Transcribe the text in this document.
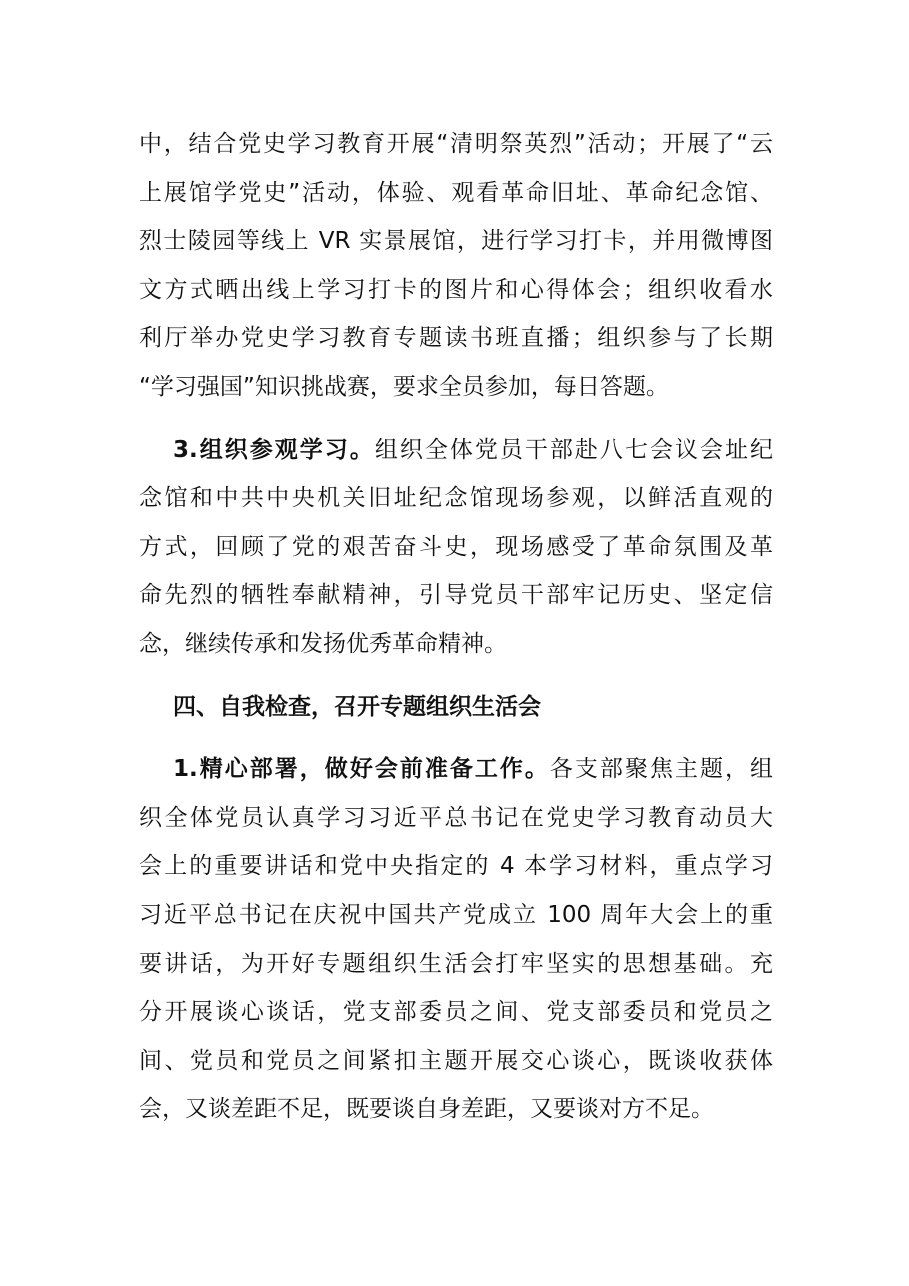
中，结合党史学习教育开展“清明祭英烈”活动；开展了“云
上展馆学党史”活动，体验、观看革命旧址、革命纪念馆、
烈士陵园等线上 VR 实景展馆，进行学习打卡，并用微博图
文方式晒出线上学习打卡的图片和心得体会；组织收看水
利厅举办党史学习教育专题读书班直播；组织参与了长期
“学习强国”知识挑战赛，要求全员参加，每日答题。
3.组织参观学习。组织全体党员干部赴八七会议会址纪
念馆和中共中央机关旧址纪念馆现场参观，以鲜活直观的
方式，回顾了党的艰苦奋斗史，现场感受了革命氛围及革
命先烈的牺牲奉献精神，引导党员干部牢记历史、坚定信
念，继续传承和发扬优秀革命精神。
四、自我检查，召开专题组织生活会
1.精心部署，做好会前准备工作。各支部聚焦主题，组
织全体党员认真学习习近平总书记在党史学习教育动员大
会上的重要讲话和党中央指定的 4 本学习材料，重点学习
习近平总书记在庆祝中国共产党成立 100 周年大会上的重
要讲话，为开好专题组织生活会打牢坚实的思想基础。充
分开展谈心谈话，党支部委员之间、党支部委员和党员之
间、党员和党员之间紧扣主题开展交心谈心，既谈收获体
会，又谈差距不足，既要谈自身差距，又要谈对方不足。
